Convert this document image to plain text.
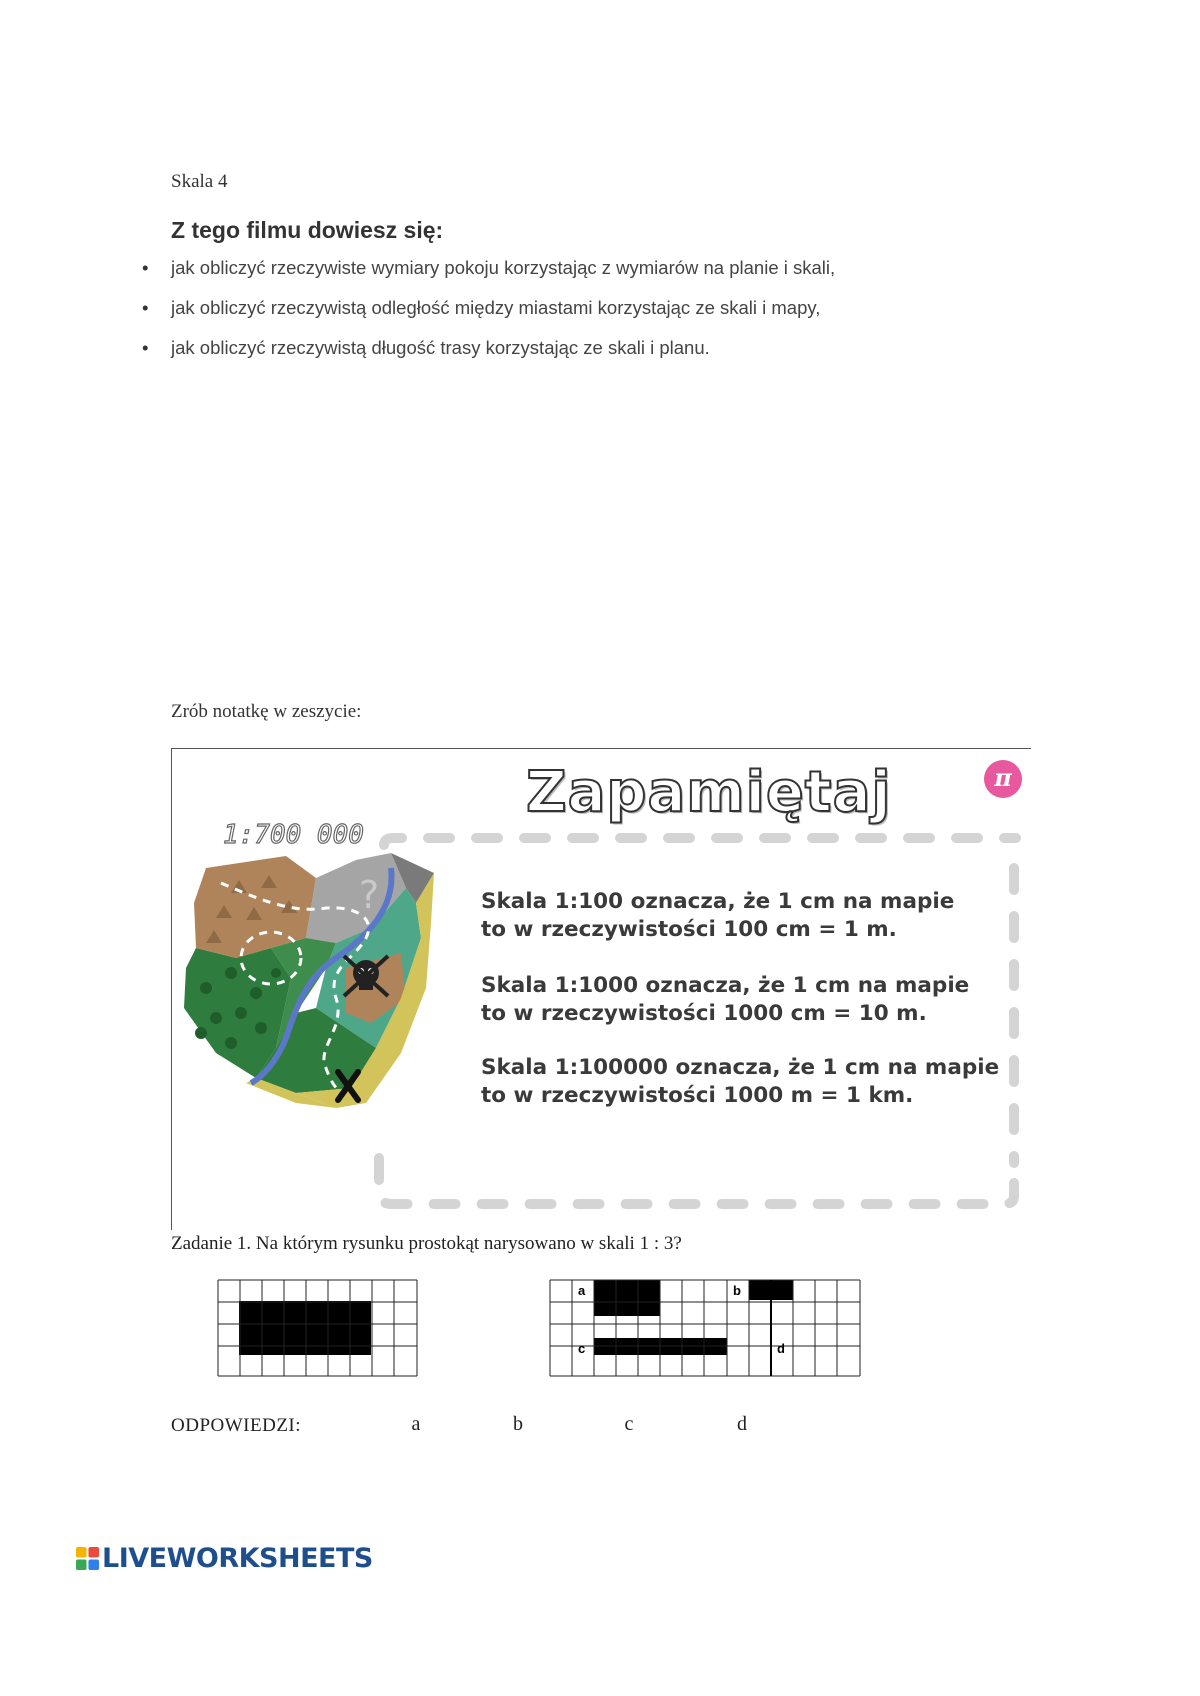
Skala 4
Z tego filmu dowiesz się:
• jak obliczyć rzeczywiste wymiary pokoju korzystając z wymiarów na planie i skali,
• jak obliczyć rzeczywistą odległość między miastami korzystając ze skali i mapy,
• jak obliczyć rzeczywistą długość trasy korzystając ze skali i planu.
Zrób notatkę w zeszycie:
Zapamiętaj	π
1:700 000
?	Skala 1:100 oznacza, że 1 cm na mapie
to w rzeczywistości 100 cm = 1 m.
Skala 1:1000 oznacza, że 1 cm na mapie
to w rzeczywistości 1000 cm = 10 m.
Skala 1:100000 oznacza, że 1 cm na mapie
to w rzeczywistości 1000 m = 1 km.
Zadanie 1. Na którym rysunku prostokąt narysowano w skali 1 : 3?
a	b
c	d
ODPOWIEDZI:	a	b	c	d
LIVEWORKSHEETS
